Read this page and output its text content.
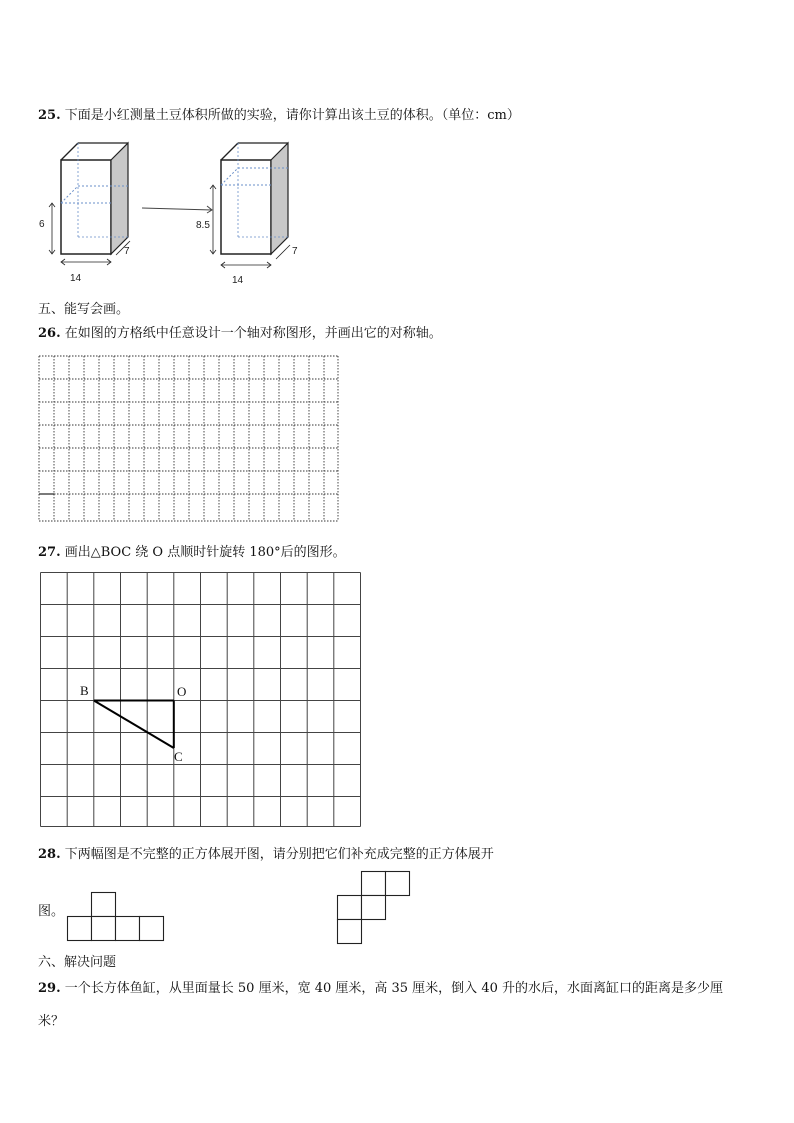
25. 下面是小红测量土豆体积所做的实验，请你计算出该土豆的体积。（单位：cm）
6
14
7
8.5
14
7
五、能写会画。
26. 在如图的方格纸中任意设计一个轴对称图形，并画出它的对称轴。
27. 画出△BOC 绕 O 点顺时针旋转 180°后的图形。
B	O
C
28. 下两幅图是不完整的正方体展开图，请分别把它们补充成完整的正方体展开
图。
六、解决问题
29. 一个长方体鱼缸，从里面量长 50 厘米，宽 40 厘米，高 35 厘米，倒入 40 升的水后，水面离缸口的距离是多少厘
米？
